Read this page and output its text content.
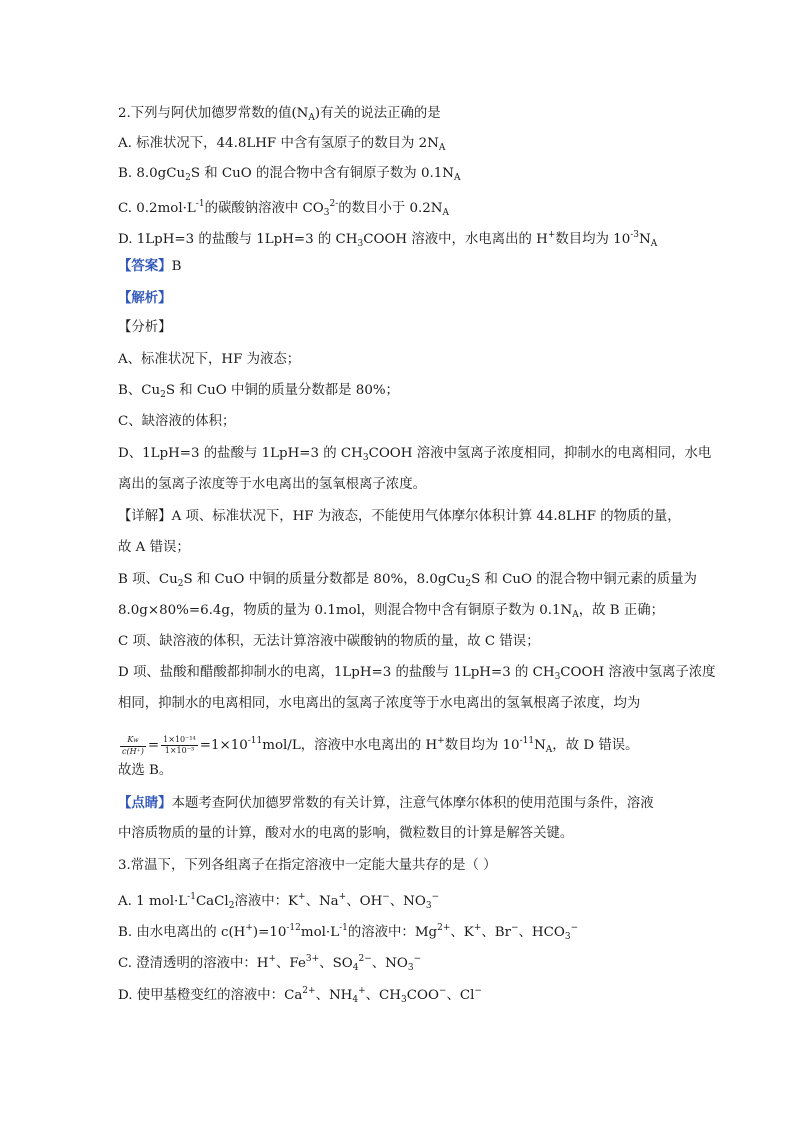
2.下列与阿伏加德罗常数的值$(N_A)$有关的说法正确的是
A. 标准状况下，44.8LHF 中含有氢原子的数目为 $2N_A$
B. 8.0gCu$_2$S 和 CuO 的混合物中含有铜原子数为 $0.1N_A$
C. $0.2mol\cdot L^{-1}$的碳酸钠溶液中 $CO_3^{2-}$的数目小于 $0.2N_A$
D. 1LpH=3 的盐酸与 1LpH=3 的 $CH_3COOH$ 溶液中，水电离出的 H+数目均为 $10^{-3}N_A$
【答案】B
【解析】
【分析】
A、标准状况下，HF 为液态；
B、$Cu_2S$ 和 CuO 中铜的质量分数都是 80%；
C、缺溶液的体积；
D、1LpH=3 的盐酸与 1LpH=3 的 $CH_3COOH$ 溶液中氢离子浓度相同，抑制水的电离相同，水电
离出的氢离子浓度等于水电离出的氢氧根离子浓度。
【详解】A 项、标准状况下，HF 为液态，不能使用气体摩尔体积计算 44.8LHF 的物质的量，
故 A 错误；
B 项、$Cu_2S$ 和 CuO 中铜的质量分数都是 80%，8.0gCu$_2$S 和 CuO 的混合物中铜元素的质量为
8.0g×80%=6.4g，物质的量为 0.1mol，则混合物中含有铜原子数为 $0.1N_A$，故 B 正确；
C 项、缺溶液的体积，无法计算溶液中碳酸钠的物质的量，故 C 错误；
D 项、盐酸和醋酸都抑制水的电离，1LpH=3 的盐酸与 1LpH=3 的 $CH_3COOH$ 溶液中氢离子浓度
相同，抑制水的电离相同，水电离出的氢离子浓度等于水电离出的氢氧根离子浓度，均为
$\frac{Kw}{c(H^+)} = \frac{\text{1×10⁻¹⁴}}{\text{1×10⁻³}} =1\times 10^{-11}mol/L$，溶液中水电离出的 H+数目均为 $10^{-11}N_A$，故 D 错误。
故选 B。
【点睛】本题考查阿伏加德罗常数的有关计算，注意气体摩尔体积的使用范围与条件，溶液
中溶质物质的量的计算，酸对水的电离的影响，微粒数目的计算是解答关键。
3.常温下，下列各组离子在指定溶液中一定能大量共存的是（ ）
A. 1 $mol\cdot L^{-1}CaCl_2$溶液中：K+、Na+、OH−、$NO_3^-$
B. 由水电离出的 $c(H^+)=10^{-12}mol\cdot L^{-1}$的溶液中：$Mg^{2+}$、K+、Br−、$HCO_3^-$
C. 澄清透明的溶液中：H+、$Fe^{3+}$、$SO_4^{2-}$、$NO_3^-$
D. 使甲基橙变红的溶液中：$Ca^{2+}$、$NH_4^+$、$CH_3COO^-$、Cl−
